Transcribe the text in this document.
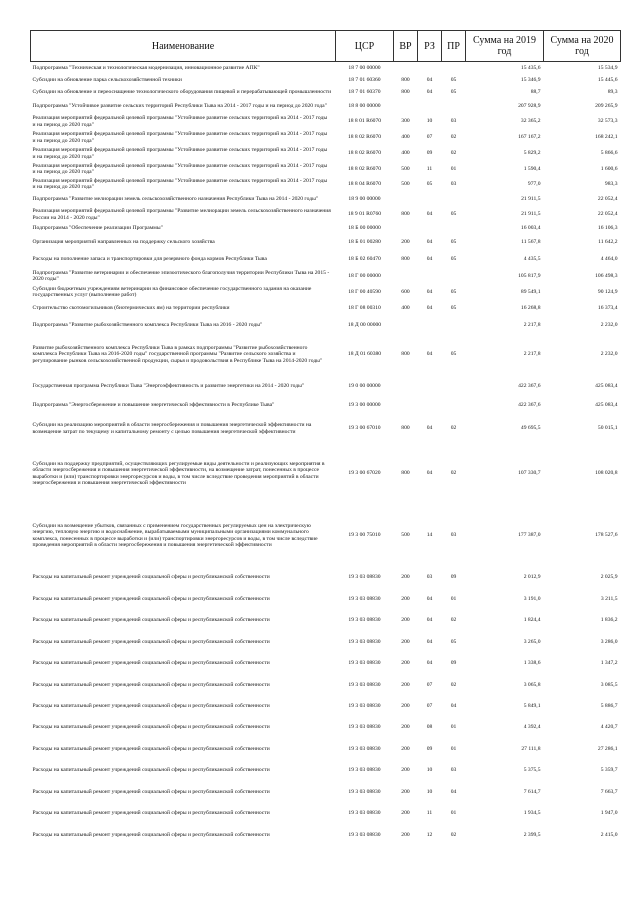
Наименование	ЦСР	ВР	РЗ	ПР	Сумма на 2019 год	Сумма на 2020 год
Подпрограмма "Техническая и технологическая модернизация, инновационное развитие АПК"	18 7 00 00000				15 435,6	15 534,9
Субсидии на обновление парка сельскохозяйственной техники	18 7 01 60360	800	04	05	15 346,9	15 445,6
Субсидии на обновление и переоснащение технологического оборудования пищевой и перерабатывающей промышленности	18 7 01 60370	800	04	05	88,7	89,3
Подпрограмма "Устойчивое развитие сельских территорий Республики Тыва на 2014 - 2017 годы и на период до 2020 года"	18 8 00 00000				207 928,9	209 265,9
Реализация мероприятий федеральной целевой программы "Устойчивое развитие сельских территорий на 2014 - 2017 годы и на период до 2020 года"	18 8 01 R6070	300	10	03	32 365,2	32 573,3
Реализация мероприятий федеральной целевой программы "Устойчивое развитие сельских территорий на 2014 - 2017 годы и на период до 2020 года"	18 8 02 R6070	400	07	02	167 167,2	168 242,1
Реализация мероприятий федеральной целевой программы "Устойчивое развитие сельских территорий на 2014 - 2017 годы и на период до 2020 года"	18 8 02 R6070	400	09	02	5 829,2	5 866,6
Реализация мероприятий федеральной целевой программы "Устойчивое развитие сельских территорий на 2014 - 2017 годы и на период до 2020 года"	18 8 02 R6070	500	11	01	1 590,4	1 600,6
Реализация мероприятий федеральной целевой программы "Устойчивое развитие сельских территорий на 2014 - 2017 годы и на период до 2020 года"	18 8 04 R6070	500	05	03	977,0	983,3
Подпрограмма "Развитие мелиорации земель сельскохозяйственного назначения Республики Тыва на 2014 - 2020 годы"	18 9 00 00000				21 911,5	22 052,4
Реализация мероприятий федеральной целевой программы "Развитие мелиорации земель сельскохозяйственного назначения России на 2014 - 2020 годы"	18 9 01 R0760	800	04	05	21 911,5	22 052,4
Подпрограмма "Обеспечение реализации Программы"	18 Б 00 00000				16 003,4	16 106,3
Организация мероприятий направленных на поддержку сельского хозяйства	18 Б 01 00280	200	04	05	11 567,8	11 642,2
Расходы на пополнение запаса и транспортировки для резервного фонда кормов Республики Тыва	18 Б 02 60470	800	04	05	4 435,5	4 464,0
Подпрограмма "Развитие ветеринарии и обеспечение эпизоотического благополучия территории Республики Тыва на 2015 - 2020 годы"	18 Г 00 00000				105 817,9	106 498,3
Субсидии бюджетным учреждениям ветеринарии на финансовое обеспечение государственного задания на оказание государственных услуг (выполнение работ)	18 Г 00 40590	600	04	05	89 549,1	90 124,9
Строительство скотомогильников (биотермических ям) на территории республики	18 Г 08 00310	400	04	05	16 268,8	16 373,4
Подпрограмма "Развитие рыбохозяйственного комплекса Республики Тыва на 2016 - 2020 годы"	18 Д 00 00000				2 217,8	2 232,0
Развитие рыбохозяйственного комплекса Республики Тыва в рамках подпрограммы "Развитие рыбохозяйственного комплекса Республики Тыва на 2016-2020 годы" государственной программы "Развитие сельского хозяйства и регулирование рынков сельскохозяйственной продукции, сырья и продовольствия в Республике Тыва на 2014-2020 годы"	18 Д 01 60380	800	04	05	2 217,8	2 232,0
Государственная программа Республики Тыва "Энергоэффективность и развитие энергетики на 2014 - 2020 годы"	19 0 00 00000				422 367,6	425 083,4
Подпрограмма "Энергосбережение и повышение энергетической эффективности в Республике Тыва"	19 3 00 00000				422 367,6	425 083,4
Субсидии на реализацию мероприятий в области энергосбережения и повышения энергетической эффективности на возмещение затрат по текущему и капитальному ремонту с целью повышения энергетической эффективности	19 3 00 67010	800	04	02	49 695,5	50 015,1
Субсидии на поддержку предприятий, осуществляющих регулируемые виды деятельности и реализующих мероприятия в области энергосбережения и повышения энергетической эффективности, на возмещение затрат, понесенных в процессе выработки и (или) транспортировки энергоресурсов и воды, в том числе вследствие проведения мероприятий в области энергосбережения и повышения энергетической эффективности	19 3 00 67020	800	04	02	107 330,7	108 020,8
Субсидии на возмещение убытков, связанных с применением государственных регулируемых цен на электрическую энергию, тепловую энергию и водоснабжение, вырабатываемыми муниципальными организациями коммунального комплекса, понесенных в процессе выработки и (или) транспортировки энергоресурсов и воды, в том числе вследствие проведения мероприятий в области энергосбережения и повышения энергетической эффективности	19 3 00 75010	500	14	03	177 387,0	178 527,6
Расходы на капитальный ремонт учреждений социальной сферы и республиканской собственности	19 3 03 08830	200	03	09	2 012,9	2 025,9
Расходы на капитальный ремонт учреждений социальной сферы и республиканской собственности	19 3 03 08830	200	04	01	3 191,0	3 211,5
Расходы на капитальный ремонт учреждений социальной сферы и республиканской собственности	19 3 03 08830	200	04	02	1 824,4	1 836,2
Расходы на капитальный ремонт учреждений социальной сферы и республиканской собственности	19 3 03 08830	200	04	05	3 265,0	3 286,0
Расходы на капитальный ремонт учреждений социальной сферы и республиканской собственности	19 3 03 08830	200	04	09	1 338,6	1 347,2
Расходы на капитальный ремонт учреждений социальной сферы и республиканской собственности	19 3 03 08830	200	07	02	3 065,8	3 085,5
Расходы на капитальный ремонт учреждений социальной сферы и республиканской собственности	19 3 03 08830	200	07	04	5 849,1	5 886,7
Расходы на капитальный ремонт учреждений социальной сферы и республиканской собственности	19 3 03 08830	200	08	01	4 392,4	4 420,7
Расходы на капитальный ремонт учреждений социальной сферы и республиканской собственности	19 3 03 08830	200	09	01	27 111,8	27 286,1
Расходы на капитальный ремонт учреждений социальной сферы и республиканской собственности	19 3 03 08830	200	10	03	5 375,5	5 359,7
Расходы на капитальный ремонт учреждений социальной сферы и республиканской собственности	19 3 03 08830	200	10	04	7 614,7	7 663,7
Расходы на капитальный ремонт учреждений социальной сферы и республиканской собственности	19 3 03 08830	200	11	01	1 934,5	1 947,0
Расходы на капитальный ремонт учреждений социальной сферы и республиканской собственности	19 3 03 08830	200	12	02	2 399,5	2 415,0
